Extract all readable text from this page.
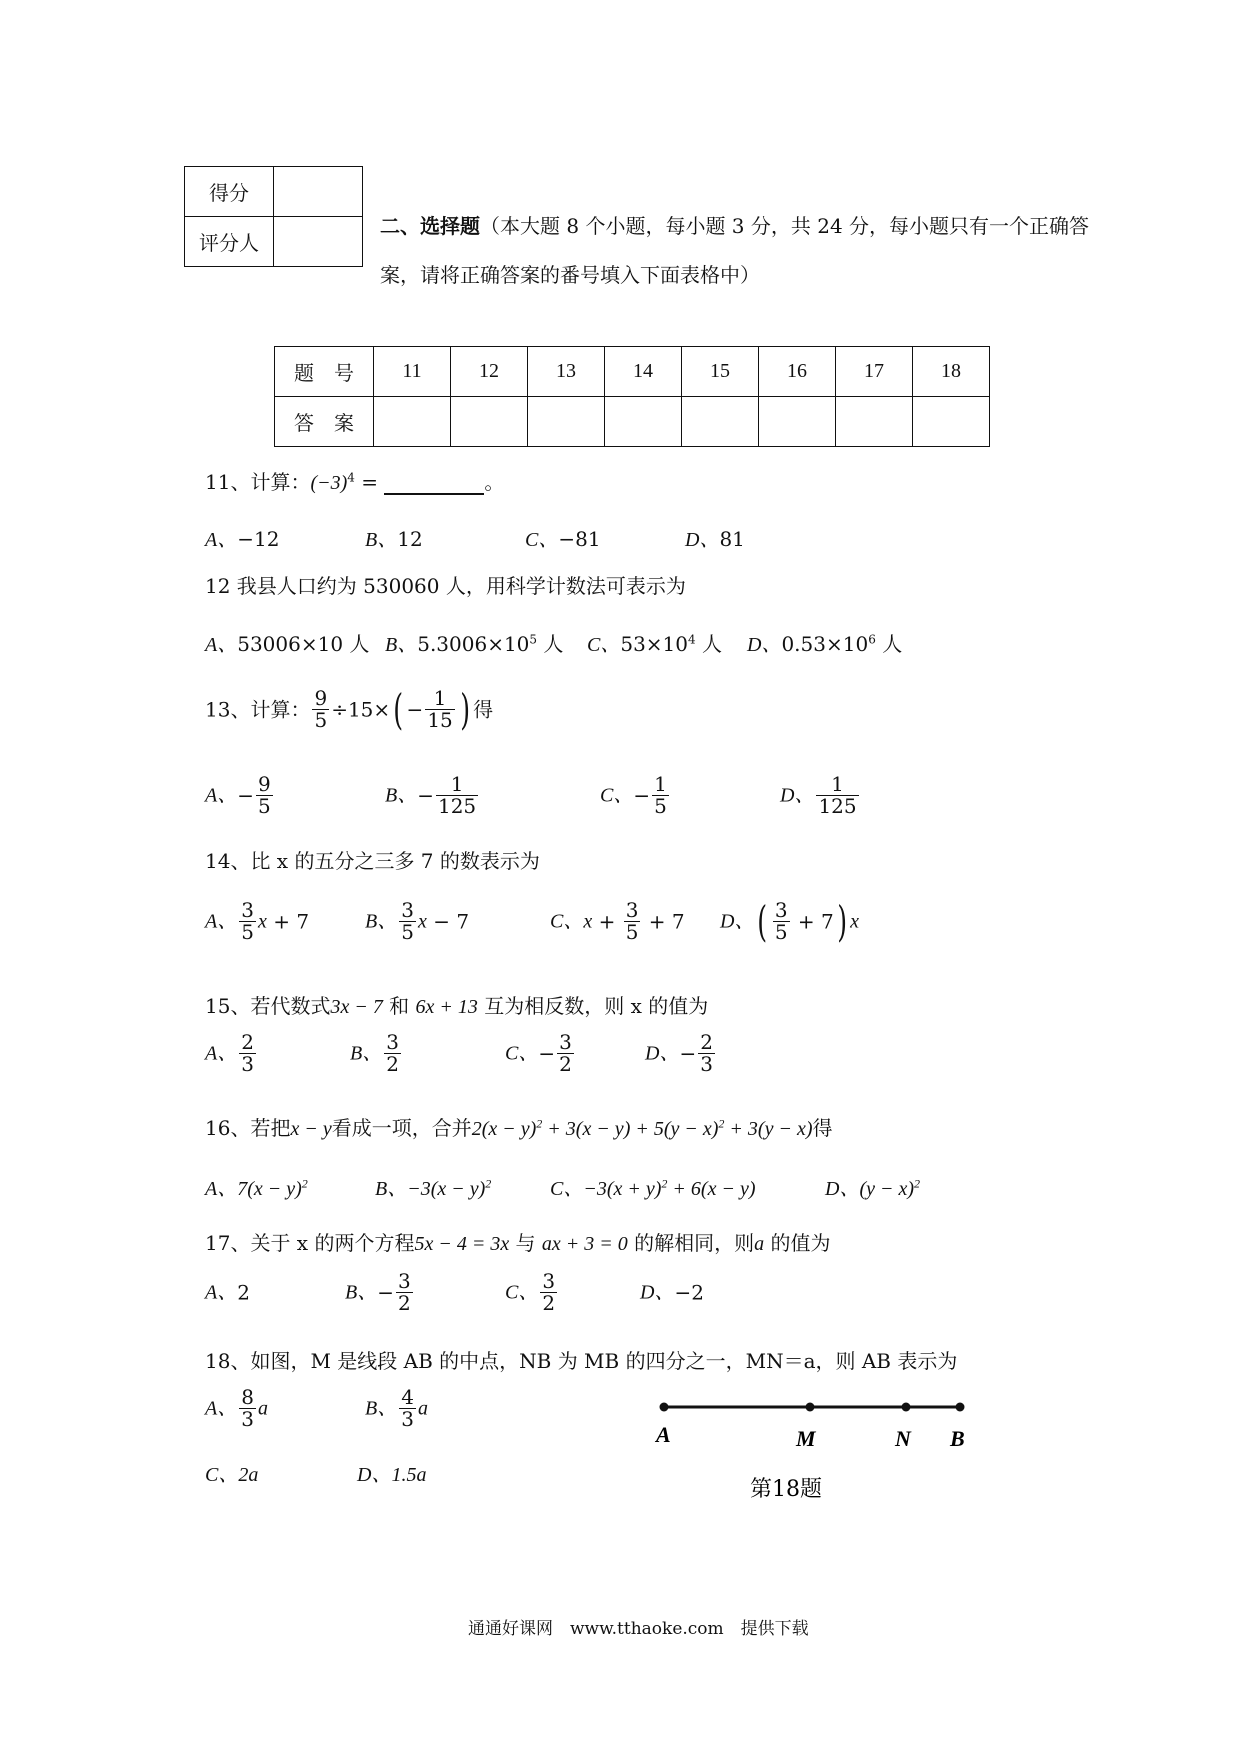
得分	
评分人	
二、选择题（本大题 8 个小题，每小题 3 分，共 24 分，每小题只有一个正确答
案，请将正确答案的番号填入下面表格中）
题　号	11	12	13	14	15	16	17	18
答　案								
11、计算：$(-3)^4$ =	。
A、−12	B、12	C、−81	D、81
12 我县人口约为 530060 人，用科学计数法可表示为
A、53006×10 人 B、$5.3006\times 10^5$ 人 C、$53\times 10^4$ 人 D、$0.53\times 10^6$ 人
13、计算： $\frac{9}{5} \div 15\times( - \frac{1}{15}$ ) 得
A、− $\frac{9}{5}$	B、− $\frac{1}{125}$	C、− $\frac{1}{5}$	D、 $\frac{1}{125}$
14、比 x 的五分之三多 7 的数表示为
A、 $\frac{3}{5}$ x + 7	B、 $\frac{3}{5}$ x − 7	C、$x + \frac{3}{5} + 7$ D、( $\frac{3}{5} + 7$) x
15、若代数式3x − 7 和 6x + 13 互为相反数，则 x 的值为
A、 $\frac{2}{3}$	B、 $\frac{3}{2}$	C、− $\frac{3}{2}$	D、− $\frac{2}{3}$
16、若把x − y看成一项，合并$2(x - y)^2 + 3(x - y) + 5(y - x)^2 + 3(y - x)$得
A、$7(x - y)^2$	B、$-3(x - y)^2$	C、$-3(x + y)^2 + 6(x - y)$	D、$(y - x)^2$
17、关于 x 的两个方程5x − 4 = 3x 与 ax + 3 = 0 的解相同，则a 的值为
A、2	B、− $\frac{3}{2}$	C、 $\frac{3}{2}$	D、−2
18、如图，M 是线段 AB 的中点，NB 为 MB 的四分之一，MN＝a，则 AB 表示为
A、 $\frac{8}{3}$ a	B、 $\frac{4}{3}$ a
C、2a	D、1.5a
A	M	N B
第18题
通通好课网　www.tthaoke.com　提供下载
